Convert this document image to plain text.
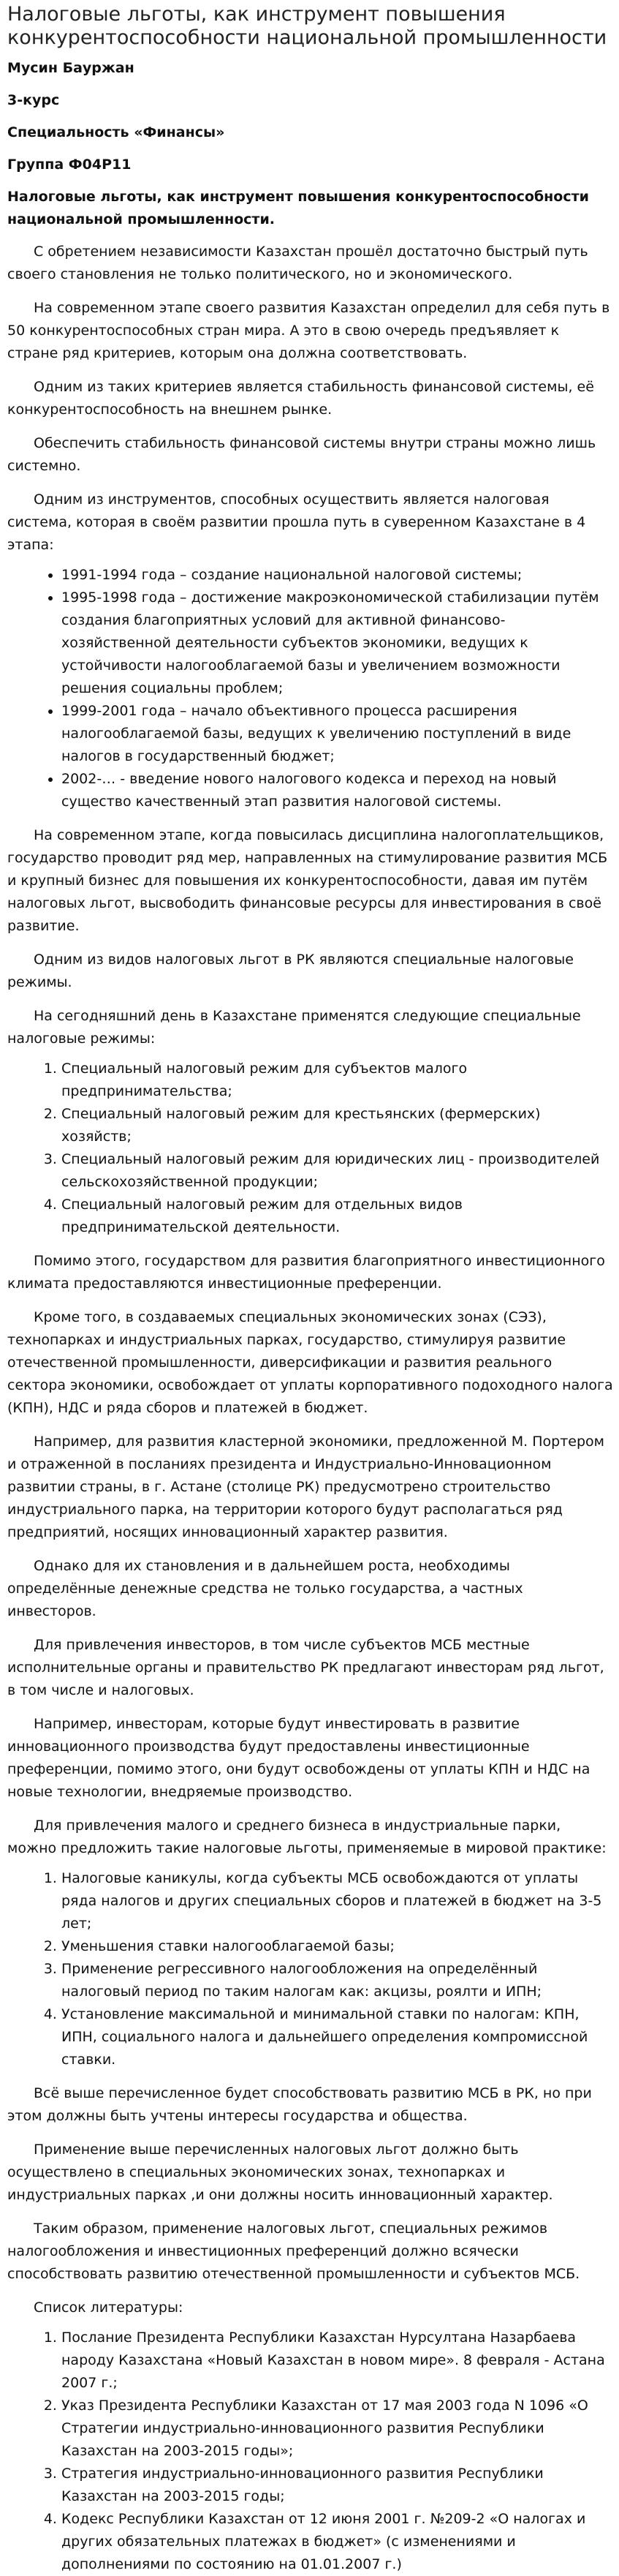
Налоговые льготы, как инструмент повышения конкурентоспособности национальной промышленности
Мусин Бауржан
3-курс
Специальность «Финансы»
Группа Ф04Р11
Налоговые льготы, как инструмент повышения конкурентоспособности национальной промышленности.

С обретением независимости Казахстан прошёл достаточно быстрый путь своего становления не только политического, но и экономического.

На современном этапе своего развития Казахстан определил для себя путь в 50 конкурентоспособных стран мира. А это в свою очередь предъявляет к стране ряд критериев, которым она должна соответствовать.

Одним из таких критериев является стабильность финансовой системы, её конкурентоспособность на внешнем рынке.

Обеспечить стабильность финансовой системы внутри страны можно лишь системно.

Одним из инструментов, способных осуществить является налоговая система, которая в своём развитии прошла путь в суверенном Казахстане в 4 этапа:

• 1991-1994 года – создание национальной налоговой системы;
• 1995-1998 года – достижение макроэкономической стабилизации путём создания благоприятных условий для активной финансово-хозяйственной деятельности субъектов экономики, ведущих к устойчивости налогооблагаемой базы и увеличением возможности решения социальны проблем;
• 1999-2001 года – начало объективного процесса расширения налогооблагаемой базы, ведущих к увеличению поступлений в виде налогов в государственный бюджет;
• 2002-… - введение нового налогового кодекса и переход на новый существо качественный этап развития налоговой системы.

На современном этапе, когда повысилась дисциплина налогоплательщиков, государство проводит ряд мер, направленных на стимулирование развития МСБ и крупный бизнес для повышения их конкурентоспособности, давая им путём налоговых льгот, высвободить финансовые ресурсы для инвестирования в своё развитие.

Одним из видов налоговых льгот в РК являются специальные налоговые режимы.

На сегодняшний день в Казахстане применятся следующие специальные налоговые режимы:

1. Специальный налоговый режим для субъектов малого предпринимательства;
2. Специальный налоговый режим для крестьянских (фермерских) хозяйств;
3. Специальный налоговый режим для юридических лиц - производителей сельскохозяйственной продукции;
4. Специальный налоговый режим для отдельных видов предпринимательской деятельности.

Помимо этого, государством для развития благоприятного инвестиционного климата предоставляются инвестиционные преференции.

Кроме того, в создаваемых специальных экономических зонах (СЭЗ), технопарках и индустриальных парках, государство, стимулируя развитие отечественной промышленности, диверсификации и развития реального сектора экономики, освобождает от уплаты корпоративного подоходного налога (КПН), НДС и ряда сборов и платежей в бюджет.

Например, для развития кластерной экономики, предложенной М. Портером и отраженной в посланиях президента и Индустриально-Инновационном развитии страны, в г. Астане (столице РК) предусмотрено строительство индустриального парка, на территории которого будут располагаться ряд предприятий, носящих инновационный характер развития.

Однако для их становления и в дальнейшем роста, необходимы определённые денежные средства не только государства, а частных инвесторов.

Для привлечения инвесторов, в том числе субъектов МСБ местные исполнительные органы и правительство РК предлагают инвесторам ряд льгот, в том числе и налоговых.

Например, инвесторам, которые будут инвестировать в развитие инновационного производства будут предоставлены инвестиционные преференции, помимо этого, они будут освобождены от уплаты КПН и НДС на новые технологии, внедряемые производство.

Для привлечения малого и среднего бизнеса в индустриальные парки, можно предложить такие налоговые льготы, применяемые в мировой практике:

1. Налоговые каникулы, когда субъекты МСБ освобождаются от уплаты ряда налогов и других специальных сборов и платежей в бюджет на 3-5 лет;
2. Уменьшения ставки налогооблагаемой базы;
3. Применение регрессивного налогообложения на определённый налоговый период по таким налогам как: акцизы, роялти и ИПН;
4. Установление максимальной и минимальной ставки по налогам: КПН, ИПН, социального налога и дальнейшего определения компромиссной ставки.

Всё выше перечисленное будет способствовать развитию МСБ в РК, но при этом должны быть учтены интересы государства и общества.

Применение выше перечисленных налоговых льгот должно быть осуществлено в специальных экономических зонах, технопарках и индустриальных парках ,и они должны носить инновационный характер.

Таким образом, применение налоговых льгот, специальных режимов налогообложения и инвестиционных преференций должно всячески способствовать развитию отечественной промышленности и субъектов МСБ.

Список литературы:

1. Послание Президента Республики Казахстан Нурсултана Назарбаева народу Казахстана «Новый Казахстан в новом мире». 8 февраля - Астана 2007 г.;
2. Указ Президента Республики Казахстан от 17 мая 2003 года N 1096 «О Стратегии индустриально-инновационного развития Республики Казахстан на 2003-2015 годы»;
3. Стратегия индустриально-инновационного развития Республики Казахстан на 2003-2015 годы;
4. Кодекс Республики Казахстан от 12 июня 2001 г. №209-2 «О налогах и других обязательных платежах в бюджет» (с изменениями и дополнениями по состоянию на 01.01.2007 г.)
